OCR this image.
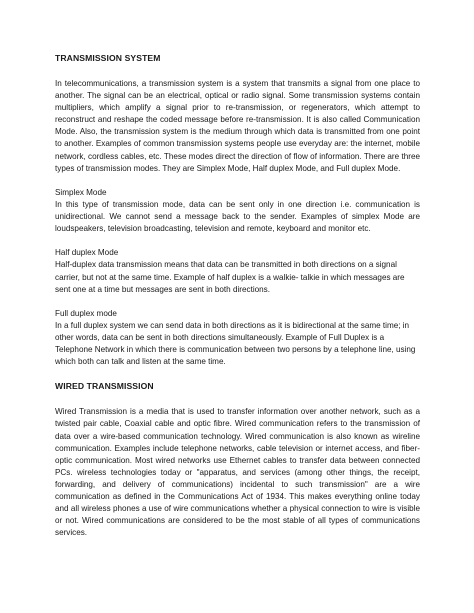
TRANSMISSION SYSTEM

In telecommunications, a transmission system is a system that transmits a signal from one place to another. The signal can be an electrical, optical or radio signal. Some transmission systems contain multipliers, which amplify a signal prior to re-transmission, or regenerators, which attempt to reconstruct and reshape the coded message before re-transmission. It is also called Communication Mode. Also, the transmission system is the medium through which data is transmitted from one point to another. Examples of common transmission systems people use everyday are: the internet, mobile network, cordless cables, etc. These modes direct the direction of flow of information. There are three types of transmission modes. They are Simplex Mode, Half duplex Mode, and Full duplex Mode.

Simplex Mode
In this type of transmission mode, data can be sent only in one direction i.e. communication is unidirectional. We cannot send a message back to the sender. Examples of simplex Mode are loudspeakers, television broadcasting, television and remote, keyboard and monitor etc.
Half duplex Mode
Half-duplex data transmission means that data can be transmitted in both directions on a signal carrier, but not at the same time. Example of half duplex is a walkie- talkie in which messages are sent one at a time but messages are sent in both directions.
Full duplex mode
In a full duplex system we can send data in both directions as it is bidirectional at the same time; in other words, data can be sent in both directions simultaneously. Example of Full Duplex is a Telephone Network in which there is communication between two persons by a telephone line, using which both can talk and listen at the same time.
WIRED TRANSMISSION

Wired Transmission is a media that is used to transfer information over another network, such as a twisted pair cable, Coaxial cable and optic fibre. Wired communication refers to the transmission of data over a wire-based communication technology. Wired communication is also known as wireline communication. Examples include telephone networks, cable television or internet access, and fiber-optic communication. Most wired networks use Ethernet cables to transfer data between connected PCs. wireless technologies today or "apparatus, and services (among other things, the receipt, forwarding, and delivery of communications) incidental to such transmission" are a wire communication as defined in the Communications Act of 1934. This makes everything online today and all wireless phones a use of wire communications whether a physical connection to wire is visible or not. Wired communications are considered to be the most stable of all types of communications services.
